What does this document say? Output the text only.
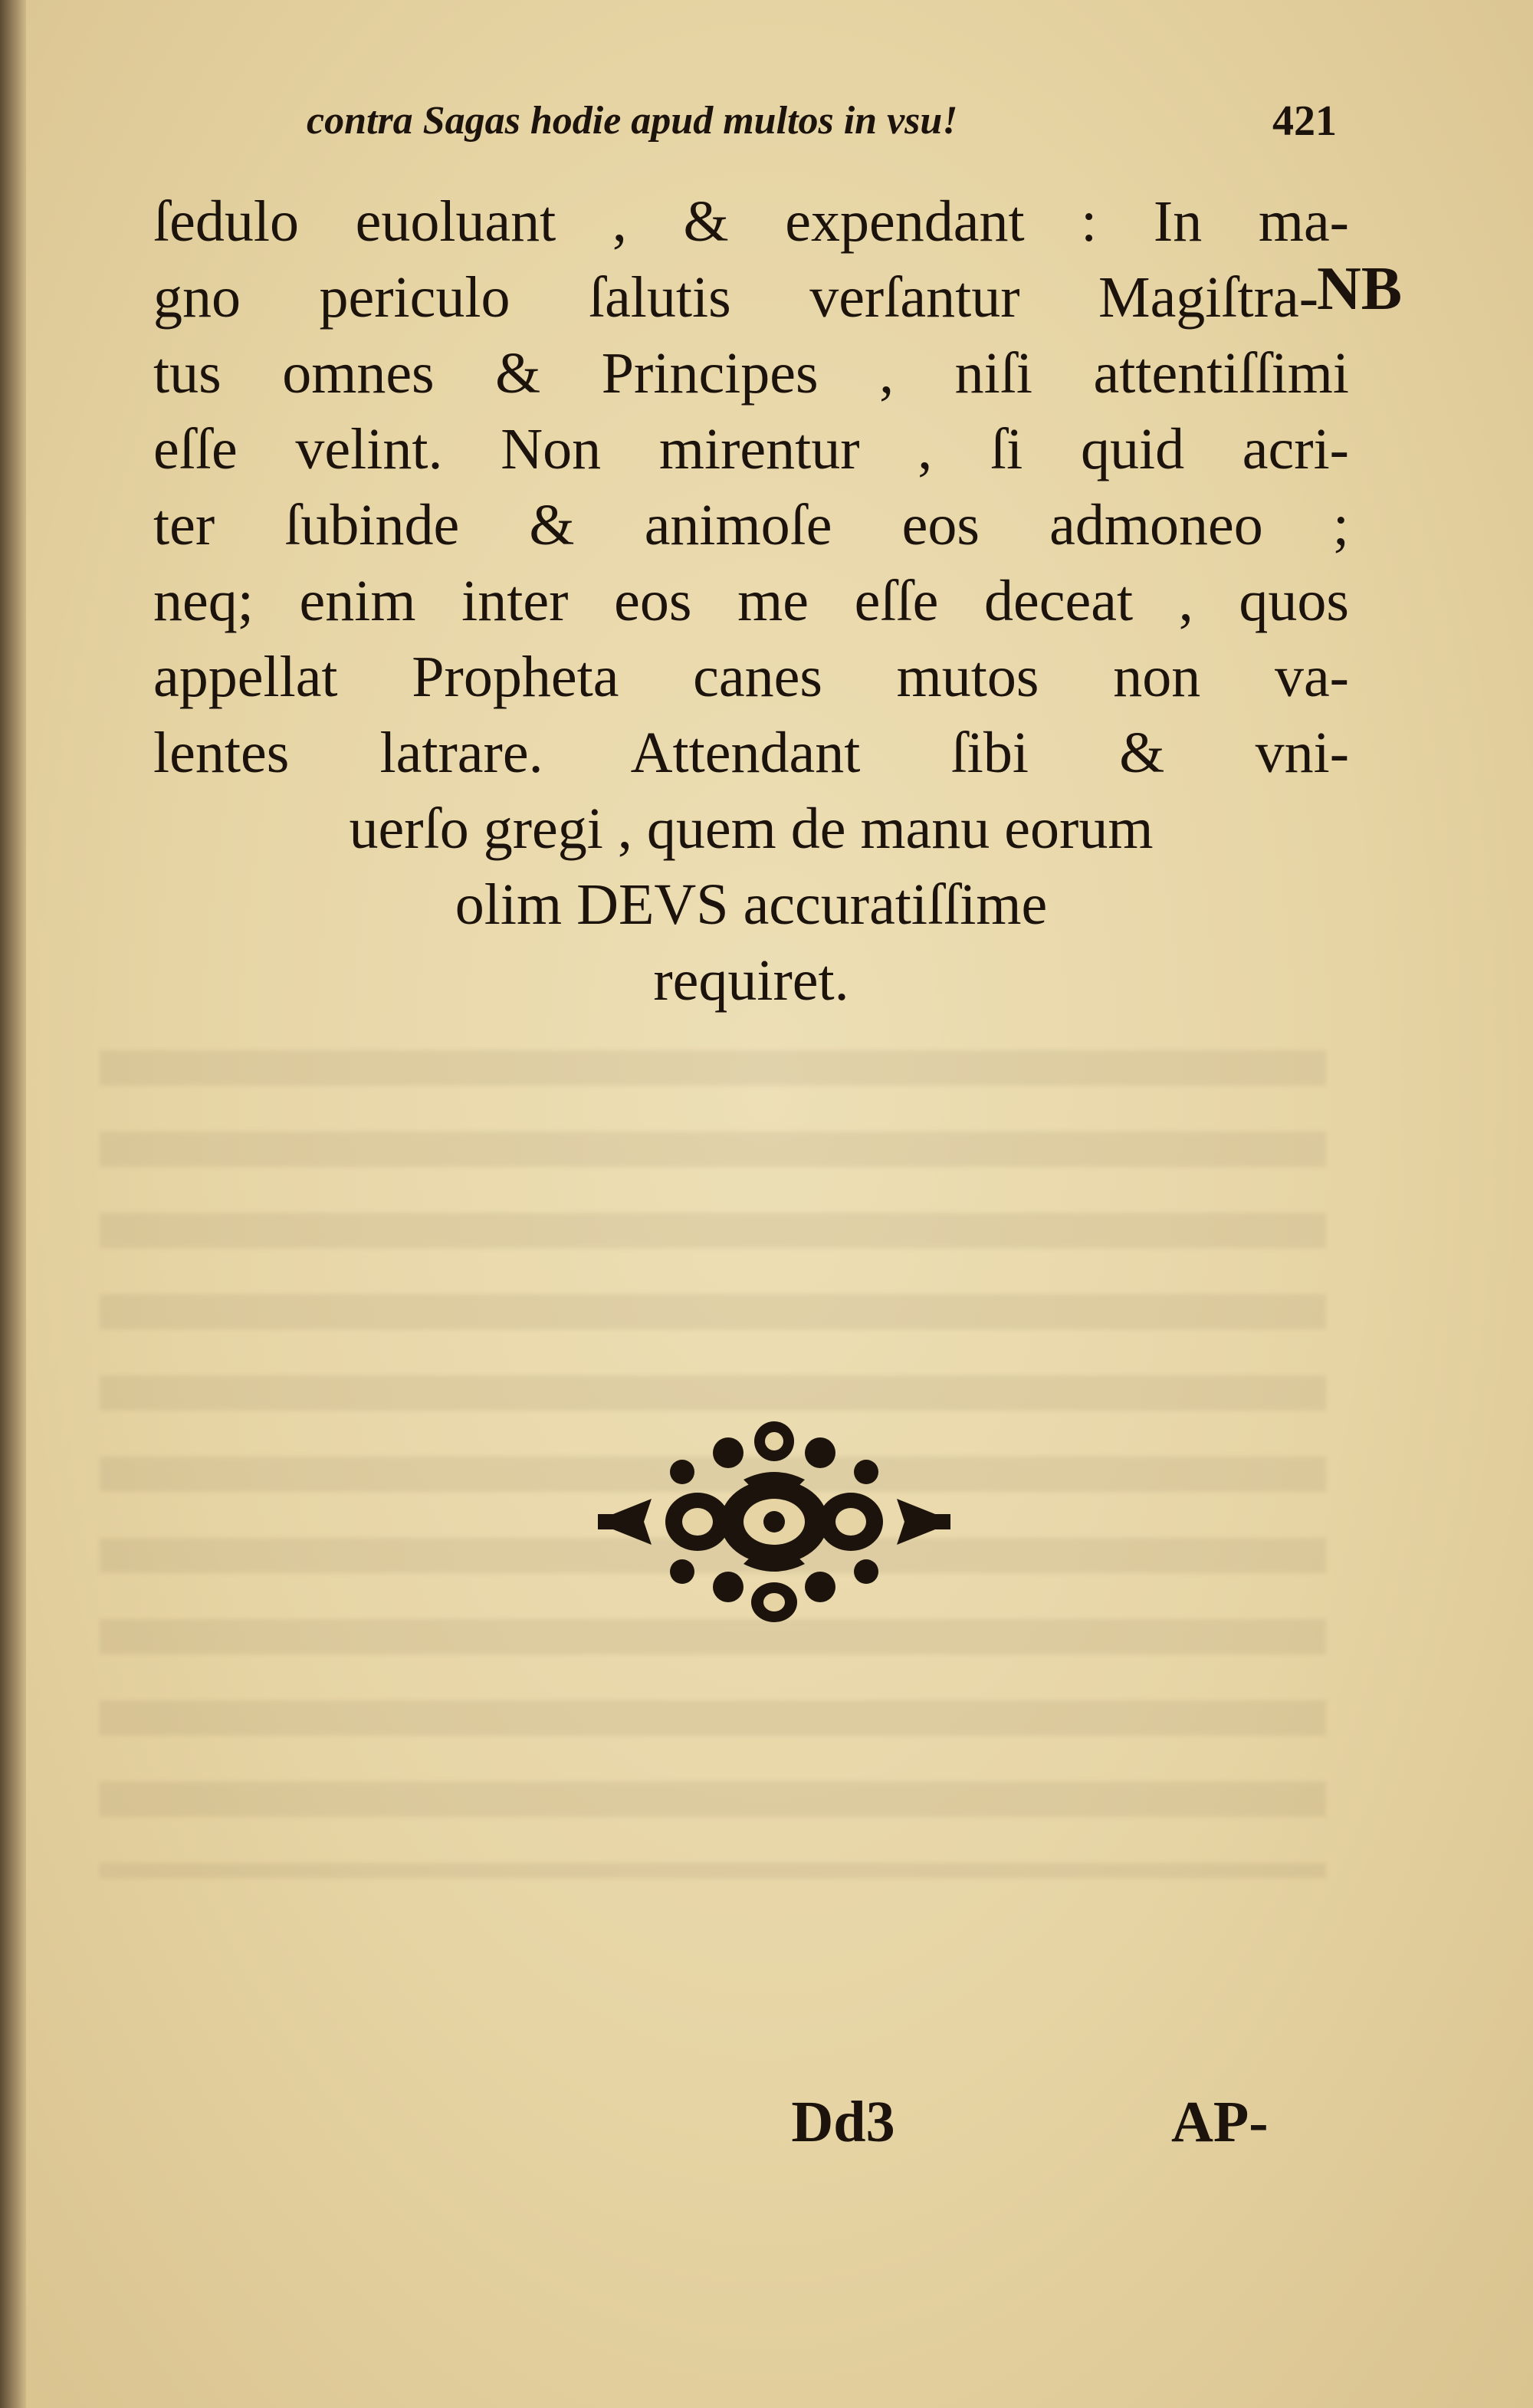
contra Sagas hodie apud multos in vsu!	421
ſedulo euoluant , & expendant : In ma-
gno periculo ſalutis verſantur Magiſtra-
tus omnes & Principes , niſi attentiſſimi
eſſe velint. Non mirentur , ſi quid acri-
ter ſubinde & animoſe eos admoneo ;
neq; enim inter eos me eſſe deceat , quos
appellat Propheta canes mutos non va-
lentes latrare. Attendant ſibi & vni-
uerſo gregi , quem de manu eorum
olim DEVS accuratiſſime
requiret.
NB
Dd3	AP-
